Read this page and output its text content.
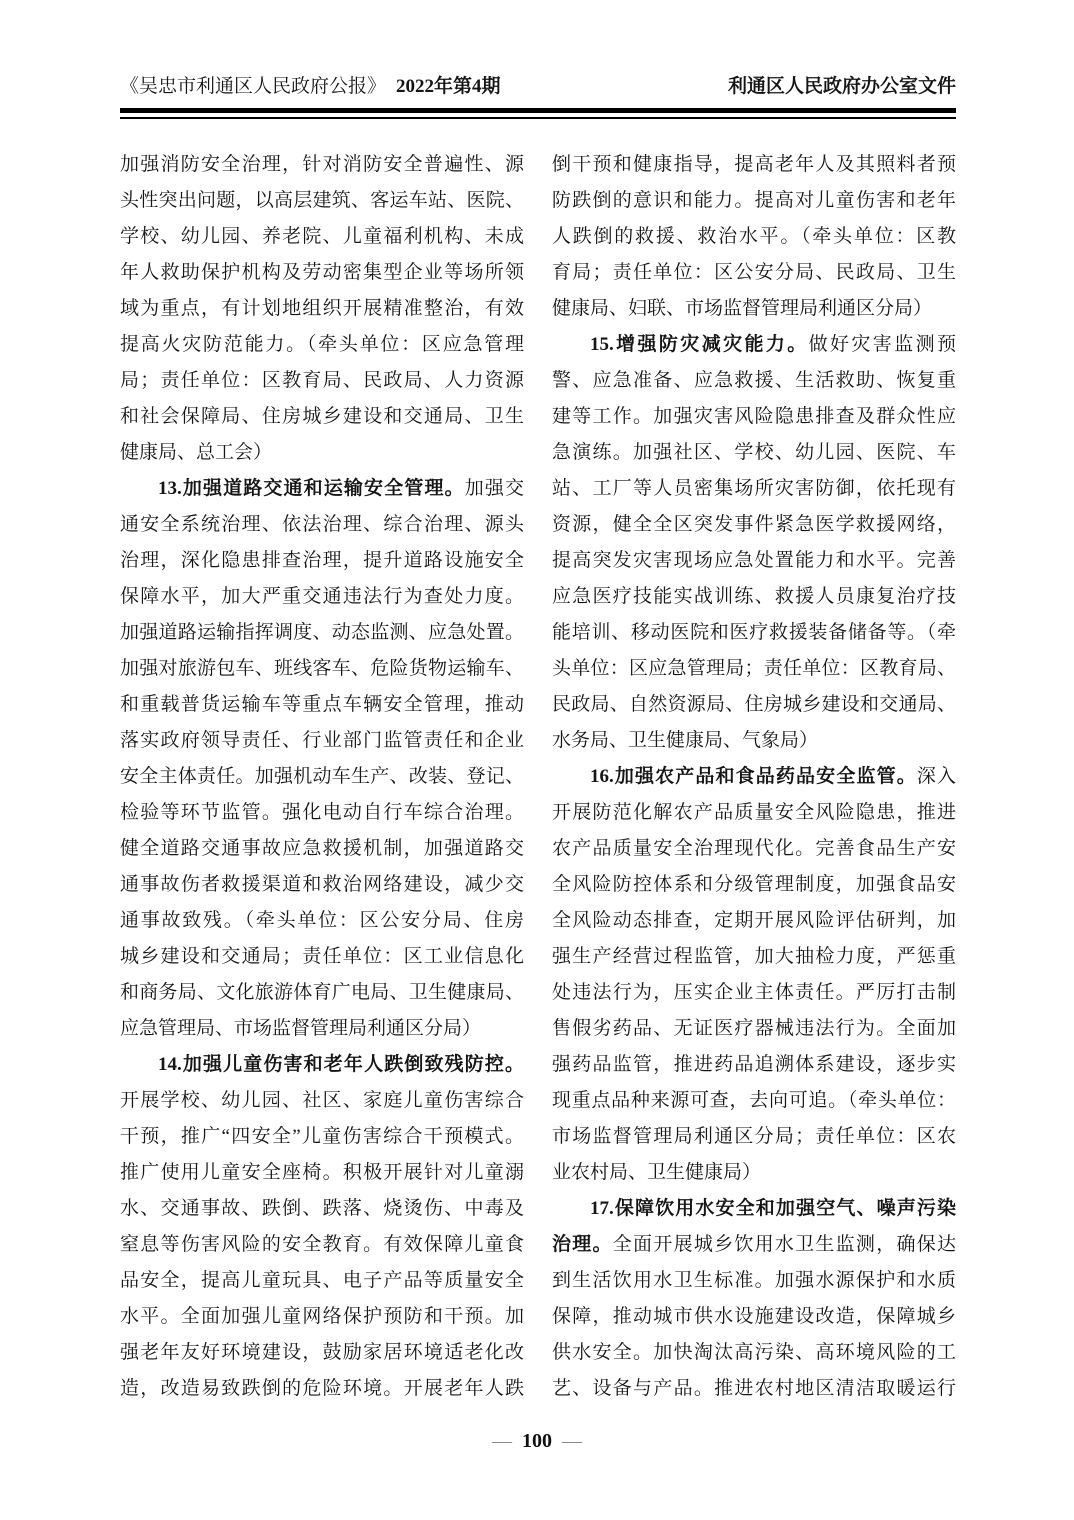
《吴忠市利通区人民政府公报》 2022年第4期	利通区人民政府办公室文件
加强消防安全治理，针对消防安全普遍性、源
头性突出问题，以高层建筑、客运车站、医院、
学校、幼儿园、养老院、儿童福利机构、未成
年人救助保护机构及劳动密集型企业等场所领
域为重点，有计划地组织开展精准整治，有效
提高火灾防范能力。（牵头单位：区应急管理
局；责任单位：区教育局、民政局、人力资源
和社会保障局、住房城乡建设和交通局、卫生
健康局、总工会）
13.加强道路交通和运输安全管理。加强交
通安全系统治理、依法治理、综合治理、源头
治理，深化隐患排查治理，提升道路设施安全
保障水平，加大严重交通违法行为查处力度。
加强道路运输指挥调度、动态监测、应急处置。
加强对旅游包车、班线客车、危险货物运输车、
和重载普货运输车等重点车辆安全管理，推动
落实政府领导责任、行业部门监管责任和企业
安全主体责任。加强机动车生产、改装、登记、
检验等环节监管。强化电动自行车综合治理。
健全道路交通事故应急救援机制，加强道路交
通事故伤者救援渠道和救治网络建设，减少交
通事故致残。（牵头单位：区公安分局、住房
城乡建设和交通局；责任单位：区工业信息化
和商务局、文化旅游体育广电局、卫生健康局、
应急管理局、市场监督管理局利通区分局）
14.加强儿童伤害和老年人跌倒致残防控。
开展学校、幼儿园、社区、家庭儿童伤害综合
干预，推广“四安全”儿童伤害综合干预模式。
推广使用儿童安全座椅。积极开展针对儿童溺
水、交通事故、跌倒、跌落、烧烫伤、中毒及
窒息等伤害风险的安全教育。有效保障儿童食
品安全，提高儿童玩具、电子产品等质量安全
水平。全面加强儿童网络保护预防和干预。加
强老年友好环境建设，鼓励家居环境适老化改
造，改造易致跌倒的危险环境。开展老年人跌
倒干预和健康指导，提高老年人及其照料者预
防跌倒的意识和能力。提高对儿童伤害和老年
人跌倒的救援、救治水平。（牵头单位：区教
育局；责任单位：区公安分局、民政局、卫生
健康局、妇联、市场监督管理局利通区分局）
15.增强防灾减灾能力。做好灾害监测预
警、应急准备、应急救援、生活救助、恢复重
建等工作。加强灾害风险隐患排查及群众性应
急演练。加强社区、学校、幼儿园、医院、车
站、工厂等人员密集场所灾害防御，依托现有
资源，健全全区突发事件紧急医学救援网络，
提高突发灾害现场应急处置能力和水平。完善
应急医疗技能实战训练、救援人员康复治疗技
能培训、移动医院和医疗救援装备储备等。（牵
头单位：区应急管理局；责任单位：区教育局、
民政局、自然资源局、住房城乡建设和交通局、
水务局、卫生健康局、气象局）
16.加强农产品和食品药品安全监管。深入
开展防范化解农产品质量安全风险隐患，推进
农产品质量安全治理现代化。完善食品生产安
全风险防控体系和分级管理制度，加强食品安
全风险动态排查，定期开展风险评估研判，加
强生产经营过程监管，加大抽检力度，严惩重
处违法行为，压实企业主体责任。严厉打击制
售假劣药品、无证医疗器械违法行为。全面加
强药品监管，推进药品追溯体系建设，逐步实
现重点品种来源可查，去向可追。（牵头单位：
市场监督管理局利通区分局；责任单位：区农
业农村局、卫生健康局）
17.保障饮用水安全和加强空气、噪声污染
治理。全面开展城乡饮用水卫生监测，确保达
到生活饮用水卫生标准。加强水源保护和水质
保障，推动城市供水设施建设改造，保障城乡
供水安全。加快淘汰高污染、高环境风险的工
艺、设备与产品。推进农村地区清洁取暖运行
— 100 —
